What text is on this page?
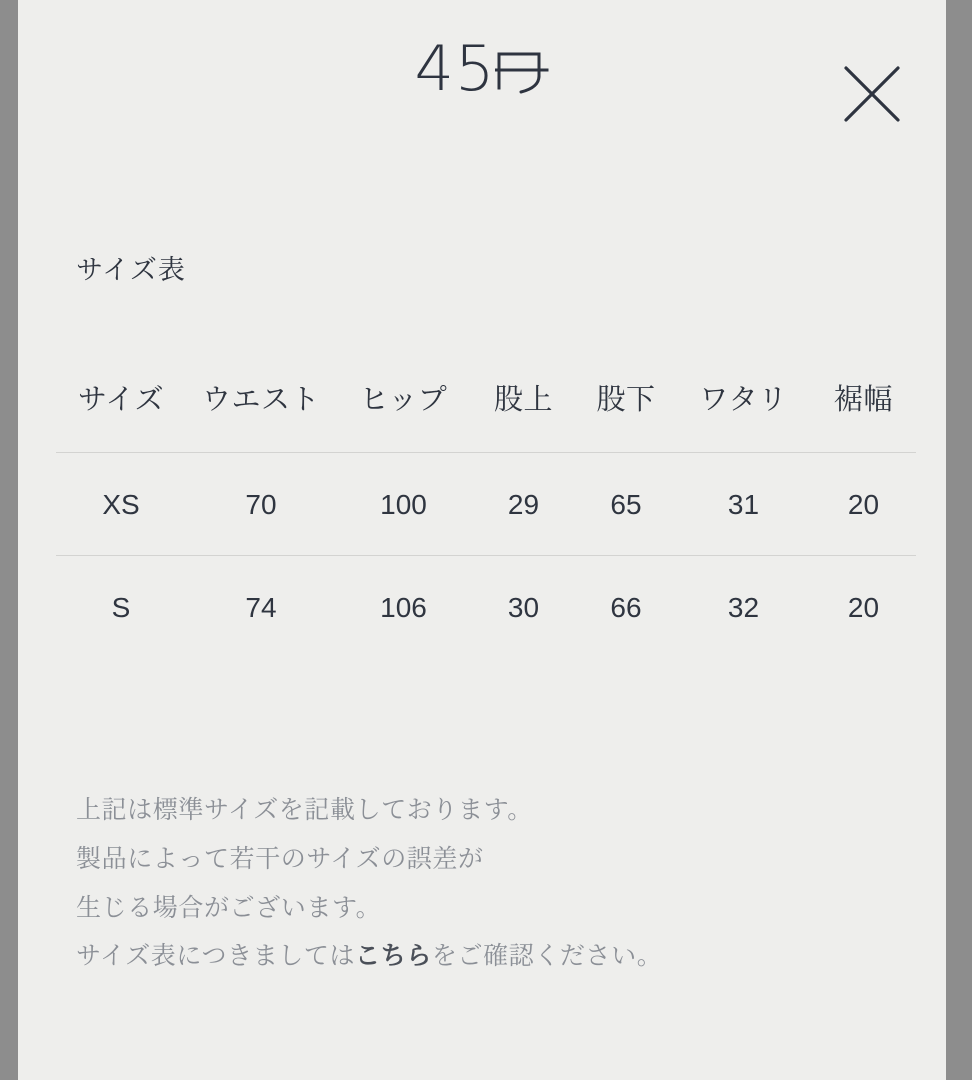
45
サイズ表
サイズ	ウエスト	ヒップ	股上	股下	ワタリ	裾幅
XS	70	100	29	65	31	20
S	74	106	30	66	32	20

上記は標準サイズを記載しております。

製品によって若干のサイズの誤差が

生じる場合がございます。

サイズ表につきましてはこちらをご確認ください。
